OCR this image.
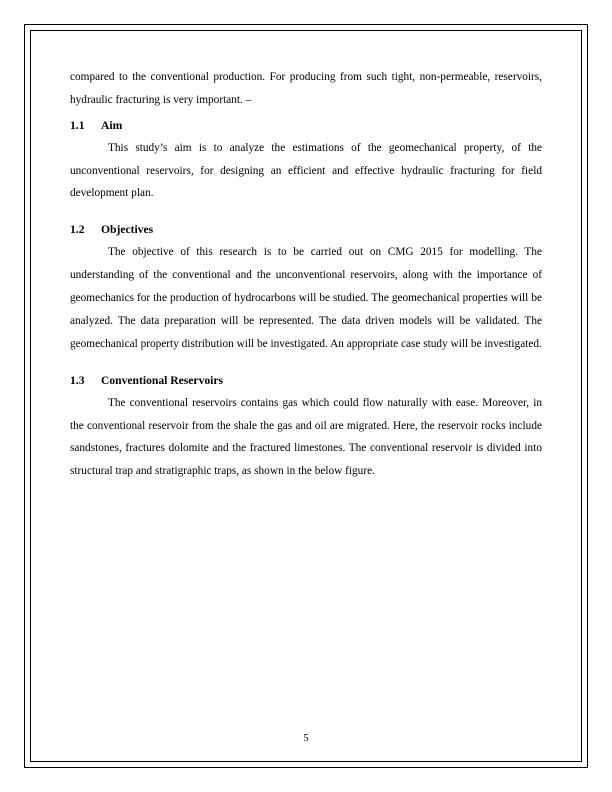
compared to the conventional production. For producing from such tight, non-permeable, reservoirs, hydraulic fracturing is very important. –

1.1	Aim

This study’s aim is to analyze the estimations of the geomechanical property, of the unconventional reservoirs, for designing an efficient and effective hydraulic fracturing for field development plan.

1.2	Objectives

The objective of this research is to be carried out on CMG 2015 for modelling. The understanding of the conventional and the unconventional reservoirs, along with the importance of geomechanics for the production of hydrocarbons will be studied. The geomechanical properties will be analyzed. The data preparation will be represented. The data driven models will be validated. The geomechanical property distribution will be investigated. An appropriate case study will be investigated.

1.3	Conventional Reservoirs

The conventional reservoirs contains gas which could flow naturally with ease. Moreover, in the conventional reservoir from the shale the gas and oil are migrated. Here, the reservoir rocks include sandstones, fractures dolomite and the fractured limestones. The conventional reservoir is divided into structural trap and stratigraphic traps, as shown in the below figure.

5
